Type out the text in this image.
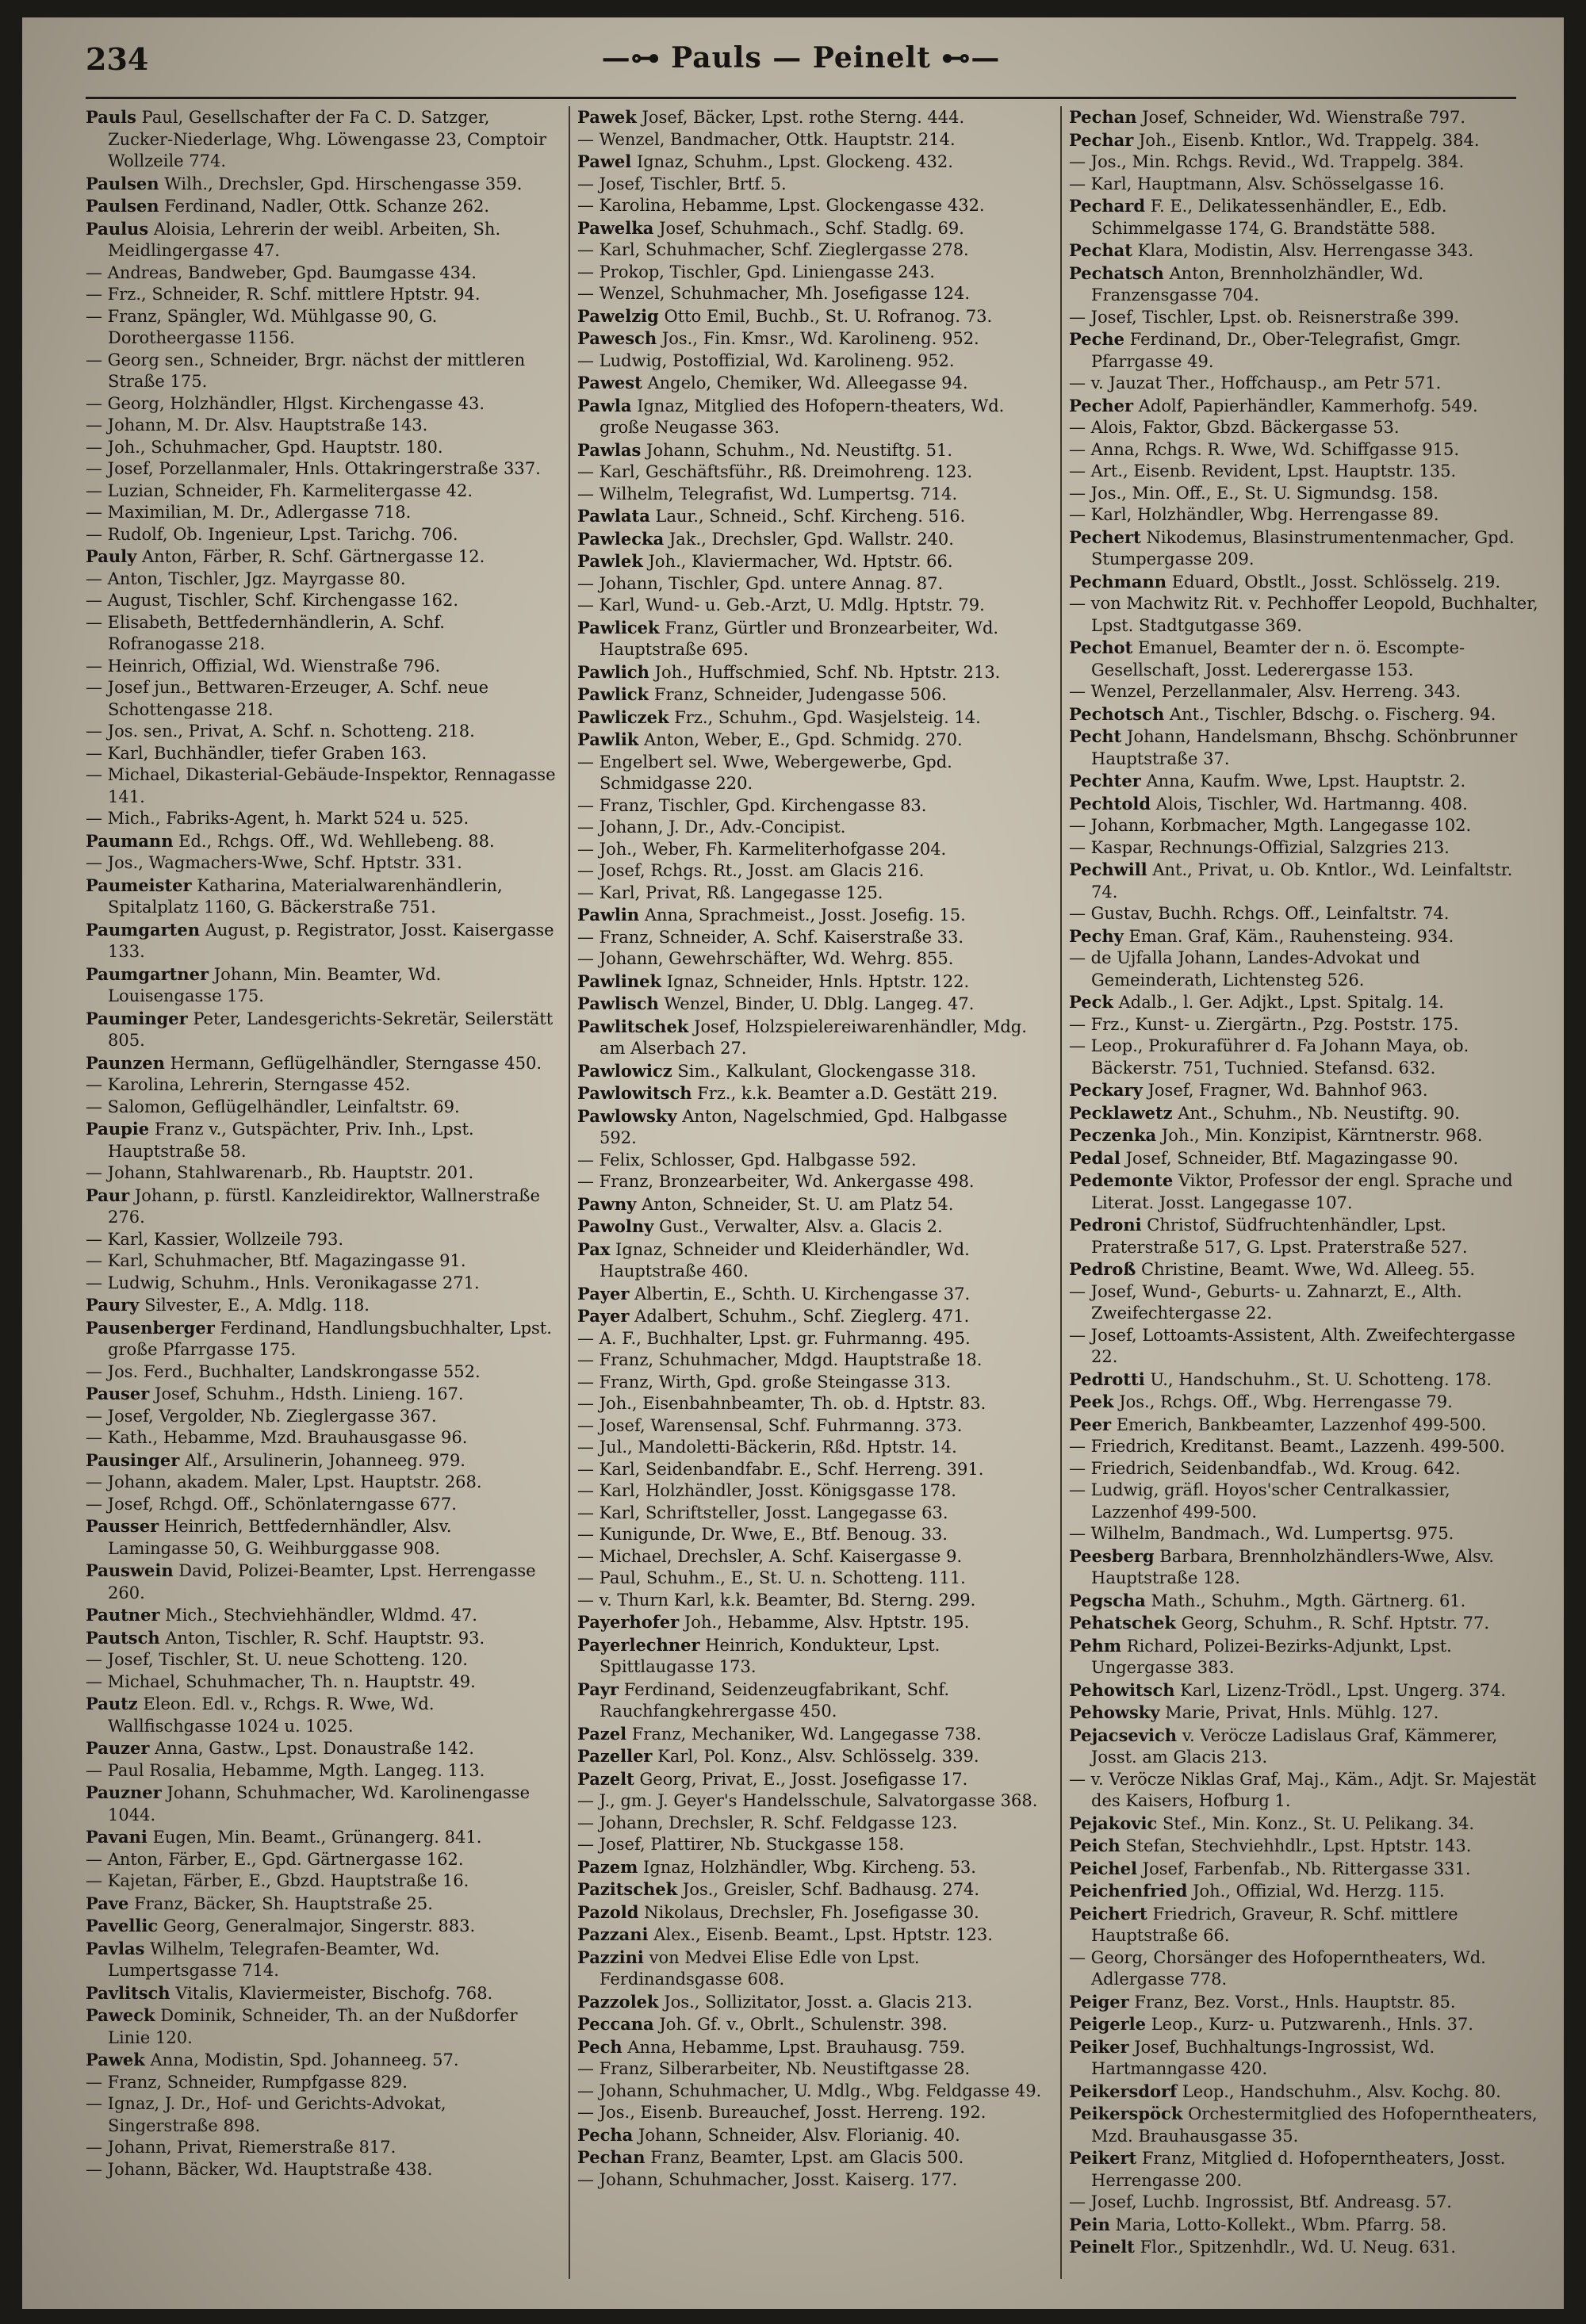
234	—⊶ Pauls — Peinelt ⊷—

Pauls Paul, Gesellschafter der Fa C. D. Satzger, Zucker-Niederlage, Whg. Löwengasse 23, Comptoir Wollzeile 774.

Paulsen Wilh., Drechsler, Gpd. Hirschengasse 359.

Paulsen Ferdinand, Nadler, Ottk. Schanze 262.

Paulus Aloisia, Lehrerin der weibl. Arbeiten, Sh. Meidlingergasse 47.

— Andreas, Bandweber, Gpd. Baumgasse 434.

— Frz., Schneider, R. Schf. mittlere Hptstr. 94.

— Franz, Spängler, Wd. Mühlgasse 90, G. Dorotheergasse 1156.

— Georg sen., Schneider, Brgr. nächst der mittleren Straße 175.

— Georg, Holzhändler, Hlgst. Kirchengasse 43.

— Johann, M. Dr. Alsv. Hauptstraße 143.

— Joh., Schuhmacher, Gpd. Hauptstr. 180.

— Josef, Porzellanmaler, Hnls. Ottakringerstraße 337.

— Luzian, Schneider, Fh. Karmelitergasse 42.

— Maximilian, M. Dr., Adlergasse 718.

— Rudolf, Ob. Ingenieur, Lpst. Tarichg. 706.

Pauly Anton, Färber, R. Schf. Gärtnergasse 12.

— Anton, Tischler, Jgz. Mayrgasse 80.

— August, Tischler, Schf. Kirchengasse 162.

— Elisabeth, Bettfedernhändlerin, A. Schf. Rofranogasse 218.

— Heinrich, Offizial, Wd. Wienstraße 796.

— Josef jun., Bettwaren-Erzeuger, A. Schf. neue Schottengasse 218.

— Jos. sen., Privat, A. Schf. n. Schotteng. 218.

— Karl, Buchhändler, tiefer Graben 163.

— Michael, Dikasterial-Gebäude-Inspektor, Rennagasse 141.

— Mich., Fabriks-Agent, h. Markt 524 u. 525.

Paumann Ed., Rchgs. Off., Wd. Wehllebeng. 88.

— Jos., Wagmachers-Wwe, Schf. Hptstr. 331.

Paumeister Katharina, Materialwarenhändlerin, Spitalplatz 1160, G. Bäckerstraße 751.

Paumgarten August, p. Registrator, Josst. Kaisergasse 133.

Paumgartner Johann, Min. Beamter, Wd. Louisengasse 175.

Pauminger Peter, Landesgerichts-Sekretär, Seilerstätt 805.

Paunzen Hermann, Geflügelhändler, Sterngasse 450.

— Karolina, Lehrerin, Sterngasse 452.

— Salomon, Geflügelhändler, Leinfaltstr. 69.

Paupie Franz v., Gutspächter, Priv. Inh., Lpst. Hauptstraße 58.

— Johann, Stahlwarenarb., Rb. Hauptstr. 201.

Paur Johann, p. fürstl. Kanzleidirektor, Wallnerstraße 276.

— Karl, Kassier, Wollzeile 793.

— Karl, Schuhmacher, Btf. Magazingasse 91.

— Ludwig, Schuhm., Hnls. Veronikagasse 271.

Paury Silvester, E., A. Mdlg. 118.

Pausenberger Ferdinand, Handlungsbuchhalter, Lpst. große Pfarrgasse 175.

— Jos. Ferd., Buchhalter, Landskrongasse 552.

Pauser Josef, Schuhm., Hdsth. Linieng. 167.

— Josef, Vergolder, Nb. Zieglergasse 367.

— Kath., Hebamme, Mzd. Brauhausgasse 96.

Pausinger Alf., Arsulinerin, Johanneeg. 979.

— Johann, akadem. Maler, Lpst. Hauptstr. 268.

— Josef, Rchgd. Off., Schönlaterngasse 677.

Pausser Heinrich, Bettfedernhändler, Alsv. Lamingasse 50, G. Weihburggasse 908.

Pauswein David, Polizei-Beamter, Lpst. Herrengasse 260.

Pautner Mich., Stechviehhändler, Wldmd. 47.

Pautsch Anton, Tischler, R. Schf. Hauptstr. 93.

— Josef, Tischler, St. U. neue Schotteng. 120.

— Michael, Schuhmacher, Th. n. Hauptstr. 49.

Pautz Eleon. Edl. v., Rchgs. R. Wwe, Wd. Wallfischgasse 1024 u. 1025.

Pauzer Anna, Gastw., Lpst. Donaustraße 142.

— Paul Rosalia, Hebamme, Mgth. Langeg. 113.

Pauzner Johann, Schuhmacher, Wd. Karolinengasse 1044.

Pavani Eugen, Min. Beamt., Grünangerg. 841.

— Anton, Färber, E., Gpd. Gärtnergasse 162.

— Kajetan, Färber, E., Gbzd. Hauptstraße 16.

Pave Franz, Bäcker, Sh. Hauptstraße 25.

Pavellic Georg, Generalmajor, Singerstr. 883.

Pavlas Wilhelm, Telegrafen-Beamter, Wd. Lumpertsgasse 714.

Pavlitsch Vitalis, Klaviermeister, Bischofg. 768.

Paweck Dominik, Schneider, Th. an der Nußdorfer Linie 120.

Pawek Anna, Modistin, Spd. Johanneeg. 57.

— Franz, Schneider, Rumpfgasse 829.

— Ignaz, J. Dr., Hof- und Gerichts-Advokat, Singerstraße 898.

— Johann, Privat, Riemerstraße 817.

— Johann, Bäcker, Wd. Hauptstraße 438.

Pawek Josef, Bäcker, Lpst. rothe Sterng. 444.

— Wenzel, Bandmacher, Ottk. Hauptstr. 214.

Pawel Ignaz, Schuhm., Lpst. Glockeng. 432.

— Josef, Tischler, Brtf. 5.

— Karolina, Hebamme, Lpst. Glockengasse 432.

Pawelka Josef, Schuhmach., Schf. Stadlg. 69.

— Karl, Schuhmacher, Schf. Zieglergasse 278.

— Prokop, Tischler, Gpd. Liniengasse 243.

— Wenzel, Schuhmacher, Mh. Josefigasse 124.

Pawelzig Otto Emil, Buchb., St. U. Rofranog. 73.

Pawesch Jos., Fin. Kmsr., Wd. Karolineng. 952.

— Ludwig, Postoffizial, Wd. Karolineng. 952.

Pawest Angelo, Chemiker, Wd. Alleegasse 94.

Pawla Ignaz, Mitglied des Hofopern-theaters, Wd. große Neugasse 363.

Pawlas Johann, Schuhm., Nd. Neustiftg. 51.

— Karl, Geschäftsführ., Rß. Dreimohreng. 123.

— Wilhelm, Telegrafist, Wd. Lumpertsg. 714.

Pawlata Laur., Schneid., Schf. Kircheng. 516.

Pawlecka Jak., Drechsler, Gpd. Wallstr. 240.

Pawlek Joh., Klaviermacher, Wd. Hptstr. 66.

— Johann, Tischler, Gpd. untere Annag. 87.

— Karl, Wund- u. Geb.-Arzt, U. Mdlg. Hptstr. 79.

Pawlicek Franz, Gürtler und Bronzearbeiter, Wd. Hauptstraße 695.

Pawlich Joh., Huffschmied, Schf. Nb. Hptstr. 213.

Pawlick Franz, Schneider, Judengasse 506.

Pawliczek Frz., Schuhm., Gpd. Wasjelsteig. 14.

Pawlik Anton, Weber, E., Gpd. Schmidg. 270.

— Engelbert sel. Wwe, Webergewerbe, Gpd. Schmidgasse 220.

— Franz, Tischler, Gpd. Kirchengasse 83.

— Johann, J. Dr., Adv.-Concipist.

— Joh., Weber, Fh. Karmeliterhofgasse 204.

— Josef, Rchgs. Rt., Josst. am Glacis 216.

— Karl, Privat, Rß. Langegasse 125.

Pawlin Anna, Sprachmeist., Josst. Josefig. 15.

— Franz, Schneider, A. Schf. Kaiserstraße 33.

— Johann, Gewehrschäfter, Wd. Wehrg. 855.

Pawlinek Ignaz, Schneider, Hnls. Hptstr. 122.

Pawlisch Wenzel, Binder, U. Dblg. Langeg. 47.

Pawlitschek Josef, Holzspielereiwarenhändler, Mdg. am Alserbach 27.

Pawlowicz Sim., Kalkulant, Glockengasse 318.

Pawlowitsch Frz., k.k. Beamter a.D. Gestätt 219.

Pawlowsky Anton, Nagelschmied, Gpd. Halbgasse 592.

— Felix, Schlosser, Gpd. Halbgasse 592.

— Franz, Bronzearbeiter, Wd. Ankergasse 498.

Pawny Anton, Schneider, St. U. am Platz 54.

Pawolny Gust., Verwalter, Alsv. a. Glacis 2.

Pax Ignaz, Schneider und Kleiderhändler, Wd. Hauptstraße 460.

Payer Albertin, E., Schth. U. Kirchengasse 37.

Payer Adalbert, Schuhm., Schf. Zieglerg. 471.

— A. F., Buchhalter, Lpst. gr. Fuhrmanng. 495.

— Franz, Schuhmacher, Mdgd. Hauptstraße 18.

— Franz, Wirth, Gpd. große Steingasse 313.

— Joh., Eisenbahnbeamter, Th. ob. d. Hptstr. 83.

— Josef, Warensensal, Schf. Fuhrmanng. 373.

— Jul., Mandoletti-Bäckerin, Rßd. Hptstr. 14.

— Karl, Seidenbandfabr. E., Schf. Herreng. 391.

— Karl, Holzhändler, Josst. Königsgasse 178.

— Karl, Schriftsteller, Josst. Langegasse 63.

— Kunigunde, Dr. Wwe, E., Btf. Benoug. 33.

— Michael, Drechsler, A. Schf. Kaisergasse 9.

— Paul, Schuhm., E., St. U. n. Schotteng. 111.

— v. Thurn Karl, k.k. Beamter, Bd. Sterng. 299.

Payerhofer Joh., Hebamme, Alsv. Hptstr. 195.

Payerlechner Heinrich, Kondukteur, Lpst. Spittlaugasse 173.

Payr Ferdinand, Seidenzeugfabrikant, Schf. Rauchfangkehrergasse 450.

Pazel Franz, Mechaniker, Wd. Langegasse 738.

Pazeller Karl, Pol. Konz., Alsv. Schlösselg. 339.

Pazelt Georg, Privat, E., Josst. Josefigasse 17.

— J., gm. J. Geyer's Handelsschule, Salvatorgasse 368.

— Johann, Drechsler, R. Schf. Feldgasse 123.

— Josef, Plattirer, Nb. Stuckgasse 158.

Pazem Ignaz, Holzhändler, Wbg. Kircheng. 53.

Pazitschek Jos., Greisler, Schf. Badhausg. 274.

Pazold Nikolaus, Drechsler, Fh. Josefigasse 30.

Pazzani Alex., Eisenb. Beamt., Lpst. Hptstr. 123.

Pazzini von Medvei Elise Edle von Lpst. Ferdinandsgasse 608.

Pazzolek Jos., Sollizitator, Josst. a. Glacis 213.

Peccana Joh. Gf. v., Obrlt., Schulenstr. 398.

Pech Anna, Hebamme, Lpst. Brauhausg. 759.

— Franz, Silberarbeiter, Nb. Neustiftgasse 28.

— Johann, Schuhmacher, U. Mdlg., Wbg. Feldgasse 49.

— Jos., Eisenb. Bureauchef, Josst. Herreng. 192.

Pecha Johann, Schneider, Alsv. Florianig. 40.

Pechan Franz, Beamter, Lpst. am Glacis 500.

— Johann, Schuhmacher, Josst. Kaiserg. 177.

Pechan Josef, Schneider, Wd. Wienstraße 797.

Pechar Joh., Eisenb. Kntlor., Wd. Trappelg. 384.

— Jos., Min. Rchgs. Revid., Wd. Trappelg. 384.

— Karl, Hauptmann, Alsv. Schösselgasse 16.

Pechard F. E., Delikatessenhändler, E., Edb. Schimmelgasse 174, G. Brandstätte 588.

Pechat Klara, Modistin, Alsv. Herrengasse 343.

Pechatsch Anton, Brennholzhändler, Wd. Franzensgasse 704.

— Josef, Tischler, Lpst. ob. Reisnerstraße 399.

Peche Ferdinand, Dr., Ober-Telegrafist, Gmgr. Pfarrgasse 49.

— v. Jauzat Ther., Hoffchausp., am Petr 571.

Pecher Adolf, Papierhändler, Kammerhofg. 549.

— Alois, Faktor, Gbzd. Bäckergasse 53.

— Anna, Rchgs. R. Wwe, Wd. Schiffgasse 915.

— Art., Eisenb. Revident, Lpst. Hauptstr. 135.

— Jos., Min. Off., E., St. U. Sigmundsg. 158.

— Karl, Holzhändler, Wbg. Herrengasse 89.

Pechert Nikodemus, Blasinstrumentenmacher, Gpd. Stumpergasse 209.

Pechmann Eduard, Obstlt., Josst. Schlösselg. 219.

— von Machwitz Rit. v. Pechhoffer Leopold, Buchhalter, Lpst. Stadtgutgasse 369.

Pechot Emanuel, Beamter der n. ö. Escompte-Gesellschaft, Josst. Lederergasse 153.

— Wenzel, Perzellanmaler, Alsv. Herreng. 343.

Pechotsch Ant., Tischler, Bdschg. o. Fischerg. 94.

Pecht Johann, Handelsmann, Bhschg. Schönbrunner Hauptstraße 37.

Pechter Anna, Kaufm. Wwe, Lpst. Hauptstr. 2.

Pechtold Alois, Tischler, Wd. Hartmanng. 408.

— Johann, Korbmacher, Mgth. Langegasse 102.

— Kaspar, Rechnungs-Offizial, Salzgries 213.

Pechwill Ant., Privat, u. Ob. Kntlor., Wd. Leinfaltstr. 74.

— Gustav, Buchh. Rchgs. Off., Leinfaltstr. 74.

Pechy Eman. Graf, Käm., Rauhensteing. 934.

— de Ujfalla Johann, Landes-Advokat und Gemeinderath, Lichtensteg 526.

Peck Adalb., l. Ger. Adjkt., Lpst. Spitalg. 14.

— Frz., Kunst- u. Ziergärtn., Pzg. Poststr. 175.

— Leop., Prokuraführer d. Fa Johann Maya, ob. Bäckerstr. 751, Tuchnied. Stefansd. 632.

Peckary Josef, Fragner, Wd. Bahnhof 963.

Pecklawetz Ant., Schuhm., Nb. Neustiftg. 90.

Peczenka Joh., Min. Konzipist, Kärntnerstr. 968.

Pedal Josef, Schneider, Btf. Magazingasse 90.

Pedemonte Viktor, Professor der engl. Sprache und Literat. Josst. Langegasse 107.

Pedroni Christof, Südfruchtenhändler, Lpst. Praterstraße 517, G. Lpst. Praterstraße 527.

Pedroß Christine, Beamt. Wwe, Wd. Alleeg. 55.

— Josef, Wund-, Geburts- u. Zahnarzt, E., Alth. Zweifechtergasse 22.

— Josef, Lottoamts-Assistent, Alth. Zweifechtergasse 22.

Pedrotti U., Handschuhm., St. U. Schotteng. 178.

Peek Jos., Rchgs. Off., Wbg. Herrengasse 79.

Peer Emerich, Bankbeamter, Lazzenhof 499-500.

— Friedrich, Kreditanst. Beamt., Lazzenh. 499-500.

— Friedrich, Seidenbandfab., Wd. Kroug. 642.

— Ludwig, gräfl. Hoyos'scher Centralkassier, Lazzenhof 499-500.

— Wilhelm, Bandmach., Wd. Lumpertsg. 975.

Peesberg Barbara, Brennholzhändlers-Wwe, Alsv. Hauptstraße 128.

Pegscha Math., Schuhm., Mgth. Gärtnerg. 61.

Pehatschek Georg, Schuhm., R. Schf. Hptstr. 77.

Pehm Richard, Polizei-Bezirks-Adjunkt, Lpst. Ungergasse 383.

Pehowitsch Karl, Lizenz-Trödl., Lpst. Ungerg. 374.

Pehowsky Marie, Privat, Hnls. Mühlg. 127.

Pejacsevich v. Veröcze Ladislaus Graf, Kämmerer, Josst. am Glacis 213.

— v. Veröcze Niklas Graf, Maj., Käm., Adjt. Sr. Majestät des Kaisers, Hofburg 1.

Pejakovic Stef., Min. Konz., St. U. Pelikang. 34.

Peich Stefan, Stechviehhdlr., Lpst. Hptstr. 143.

Peichel Josef, Farbenfab., Nb. Rittergasse 331.

Peichenfried Joh., Offizial, Wd. Herzg. 115.

Peichert Friedrich, Graveur, R. Schf. mittlere Hauptstraße 66.

— Georg, Chorsänger des Hofoperntheaters, Wd. Adlergasse 778.

Peiger Franz, Bez. Vorst., Hnls. Hauptstr. 85.

Peigerle Leop., Kurz- u. Putzwarenh., Hnls. 37.

Peiker Josef, Buchhaltungs-Ingrossist, Wd. Hartmanngasse 420.

Peikersdorf Leop., Handschuhm., Alsv. Kochg. 80.

Peikerspöck Orchestermitglied des Hofoperntheaters, Mzd. Brauhausgasse 35.

Peikert Franz, Mitglied d. Hofoperntheaters, Josst. Herrengasse 200.

— Josef, Luchb. Ingrossist, Btf. Andreasg. 57.

Pein Maria, Lotto-Kollekt., Wbm. Pfarrg. 58.

Peinelt Flor., Spitzenhdlr., Wd. U. Neug. 631.
